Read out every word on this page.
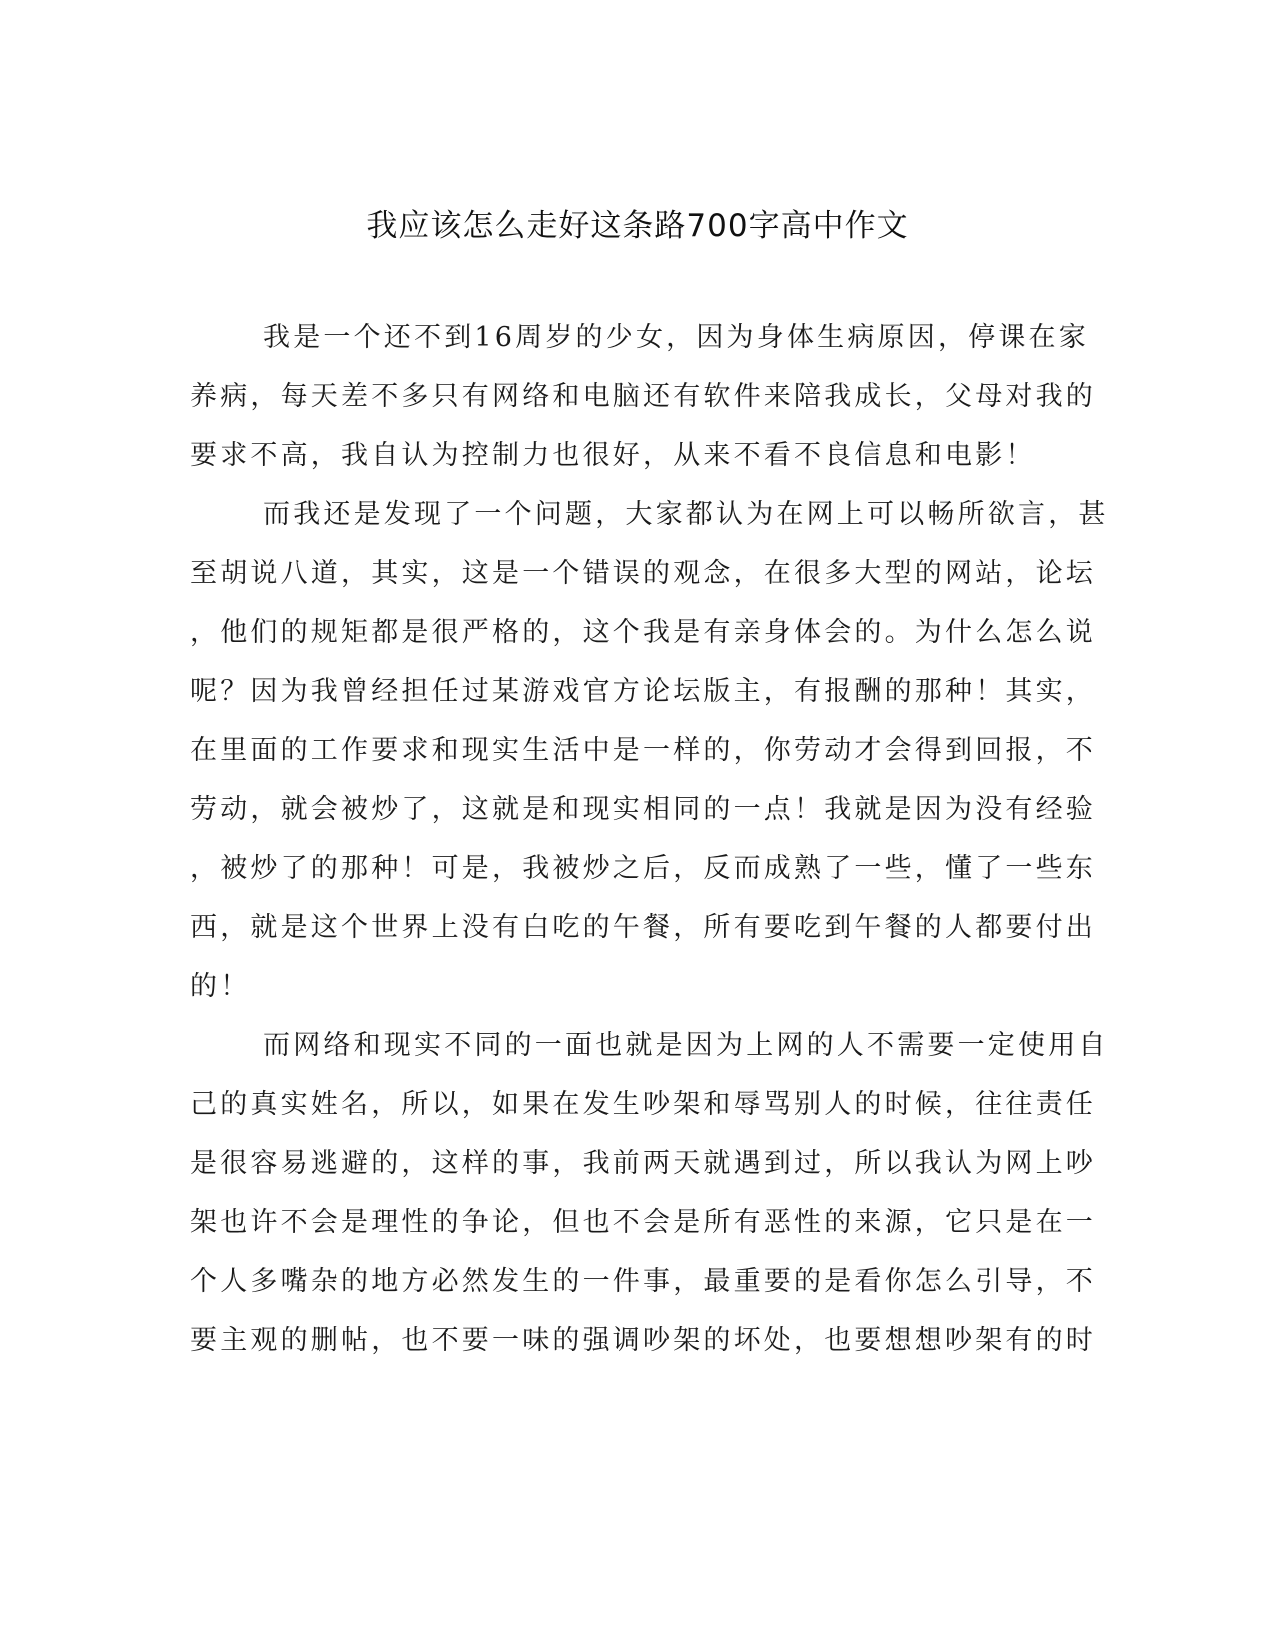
我应该怎么走好这条路700字高中作文
我是一个还不到16周岁的少女，因为身体生病原因，停课在家
养病，每天差不多只有网络和电脑还有软件来陪我成长，父母对我的
要求不高，我自认为控制力也很好，从来不看不良信息和电影！
而我还是发现了一个问题，大家都认为在网上可以畅所欲言，甚
至胡说八道，其实，这是一个错误的观念，在很多大型的网站，论坛
，他们的规矩都是很严格的，这个我是有亲身体会的。为什么怎么说
呢？因为我曾经担任过某游戏官方论坛版主，有报酬的那种！其实，
在里面的工作要求和现实生活中是一样的，你劳动才会得到回报，不
劳动，就会被炒了，这就是和现实相同的一点！我就是因为没有经验
，被炒了的那种！可是，我被炒之后，反而成熟了一些，懂了一些东
西，就是这个世界上没有白吃的午餐，所有要吃到午餐的人都要付出
的！
而网络和现实不同的一面也就是因为上网的人不需要一定使用自
己的真实姓名，所以，如果在发生吵架和辱骂别人的时候，往往责任
是很容易逃避的，这样的事，我前两天就遇到过，所以我认为网上吵
架也许不会是理性的争论，但也不会是所有恶性的来源，它只是在一
个人多嘴杂的地方必然发生的一件事，最重要的是看你怎么引导，不
要主观的删帖，也不要一味的强调吵架的坏处，也要想想吵架有的时
